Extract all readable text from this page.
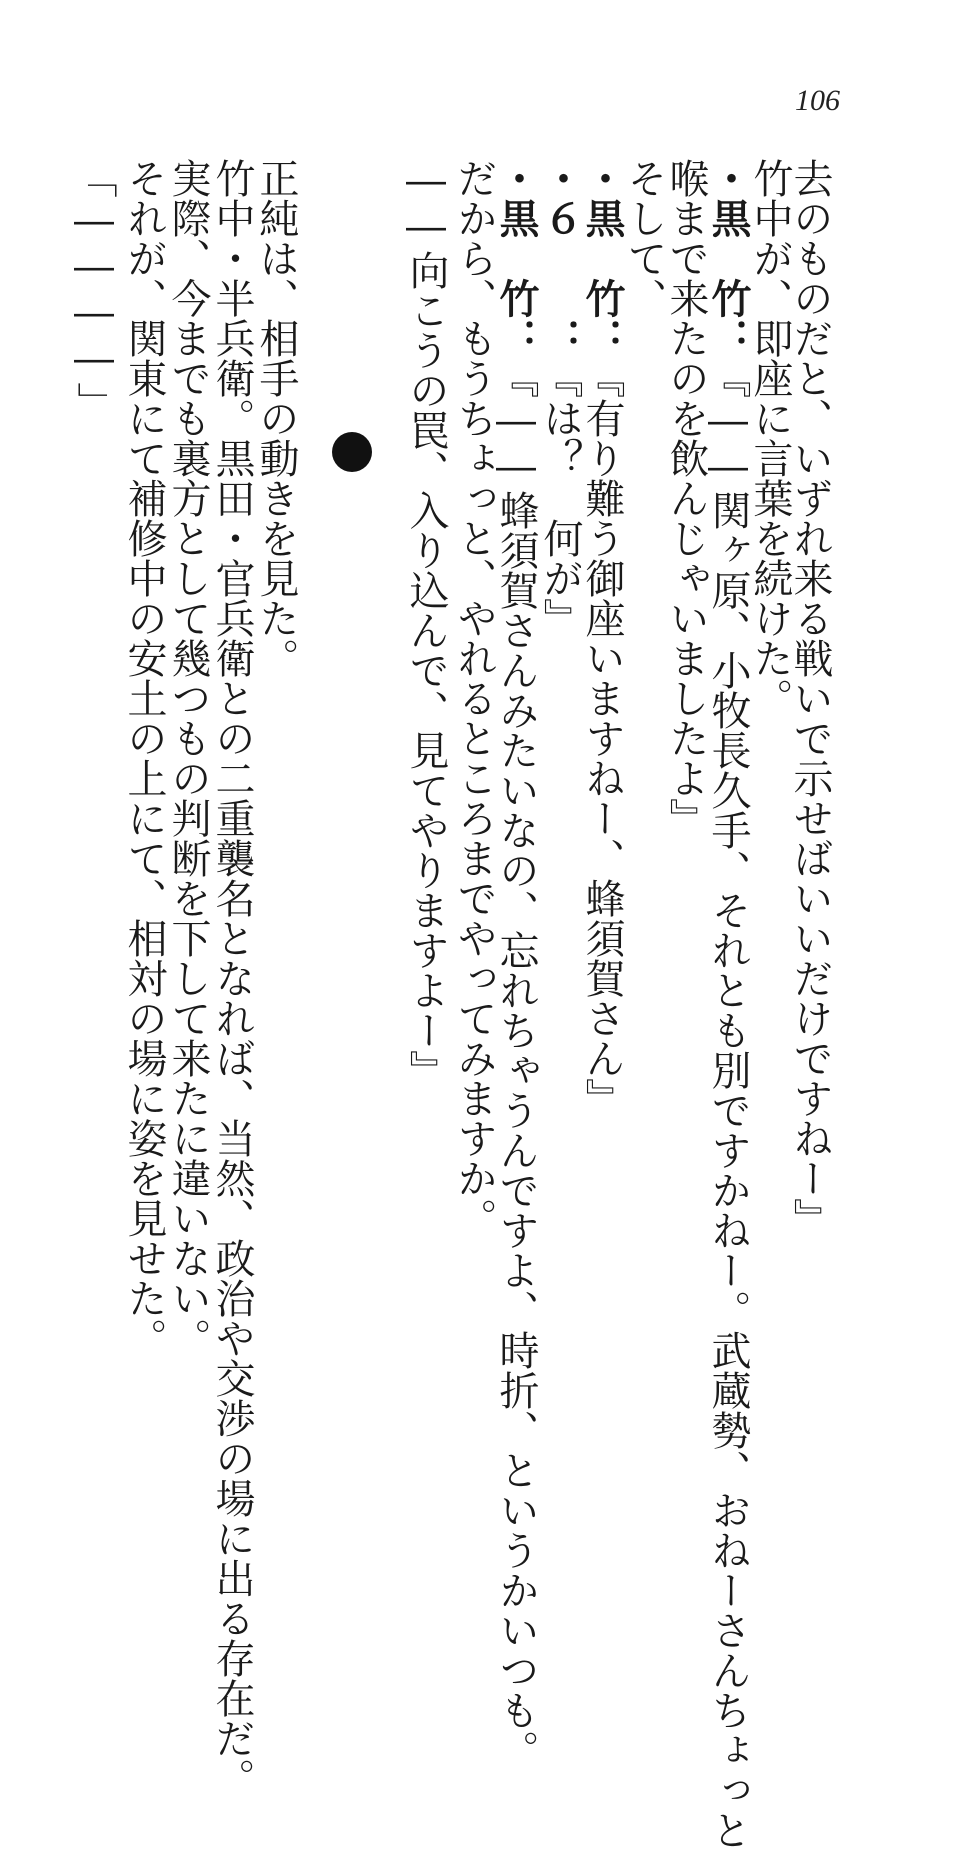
106
去のものだと、いずれ来る戦いで示せばいいだけですねー』
竹中が、即座に言葉を続けた。
・黒　竹：『――関ヶ原、小牧長久手、それとも別ですかねー。武蔵勢、おねーさんちょっと
喉まで来たのを飲んじゃいましたよ』
そして、
・黒　竹：『有り難う御座いますねー、蜂須賀さん』
・６　　：『は？　何が』
・黒　竹：『――蜂須賀さんみたいなの、忘れちゃうんですよ、時折、というかいつも。
だから、もうちょっと、やれるところまでやってみますか。
――向こうの罠、入り込んで、見てやりますよー』
正純は、相手の動きを見た。
竹中・半兵衛。黒田・官兵衛との二重襲名となれば、当然、政治や交渉の場に出る存在だ。
実際、今までも裏方として幾つもの判断を下して来たに違いない。
それが、関東にて補修中の安土の上にて、相対の場に姿を見せた。
「――――」
